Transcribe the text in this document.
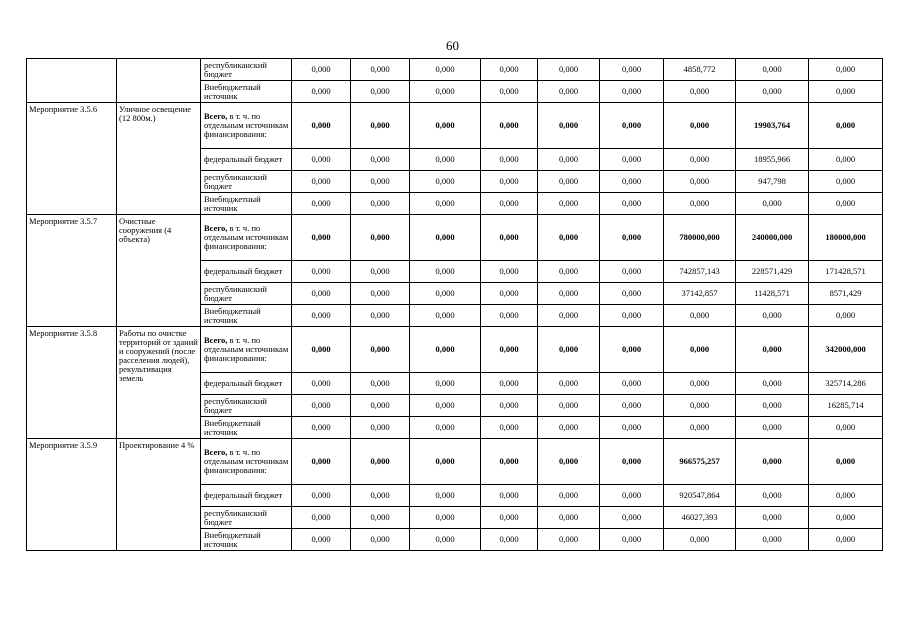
60
		республиканский бюджет	0,000	0,000	0,000	0,000	0,000	0,000	4858,772	0,000	0,000
		Внебюджетный источник	0,000	0,000	0,000	0,000	0,000	0,000	0,000	0,000	0,000
Мероприятие 3.5.6	Уличное освещение (12 800м.)	Всего, в т. ч. по отдельным источникам финансирования:	0,000	0,000	0,000	0,000	0,000	0,000	0,000	19903,764	0,000
		федеральный бюджет	0,000	0,000	0,000	0,000	0,000	0,000	0,000	18955,966	0,000
		республиканский бюджет	0,000	0,000	0,000	0,000	0,000	0,000	0,000	947,798	0,000
		Внебюджетный источник	0,000	0,000	0,000	0,000	0,000	0,000	0,000	0,000	0,000
Мероприятие 3.5.7	Очистные сооружения (4 объекта)	Всего, в т. ч. по отдельным источникам финансирования:	0,000	0,000	0,000	0,000	0,000	0,000	780000,000	240000,000	180000,000
		федеральный бюджет	0,000	0,000	0,000	0,000	0,000	0,000	742857,143	228571,429	171428,571
		республиканский бюджет	0,000	0,000	0,000	0,000	0,000	0,000	37142,857	11428,571	8571,429
		Внебюджетный источник	0,000	0,000	0,000	0,000	0,000	0,000	0,000	0,000	0,000
Мероприятие 3.5.8	Работы по очистке территорий от зданий и сооружений (после расселения людей), рекультивация земель	Всего, в т. ч. по отдельным источникам финансирования:	0,000	0,000	0,000	0,000	0,000	0,000	0,000	0,000	342000,000
		федеральный бюджет	0,000	0,000	0,000	0,000	0,000	0,000	0,000	0,000	325714,286
		республиканский бюджет	0,000	0,000	0,000	0,000	0,000	0,000	0,000	0,000	16285,714
		Внебюджетный источник	0,000	0,000	0,000	0,000	0,000	0,000	0,000	0,000	0,000
Мероприятие 3.5.9	Проектирование 4 %	Всего, в т. ч. по отдельным источникам финансирования:	0,000	0,000	0,000	0,000	0,000	0,000	966575,257	0,000	0,000
		федеральный бюджет	0,000	0,000	0,000	0,000	0,000	0,000	920547,864	0,000	0,000
		республиканский бюджет	0,000	0,000	0,000	0,000	0,000	0,000	46027,393	0,000	0,000
		Внебюджетный источник	0,000	0,000	0,000	0,000	0,000	0,000	0,000	0,000	0,000
